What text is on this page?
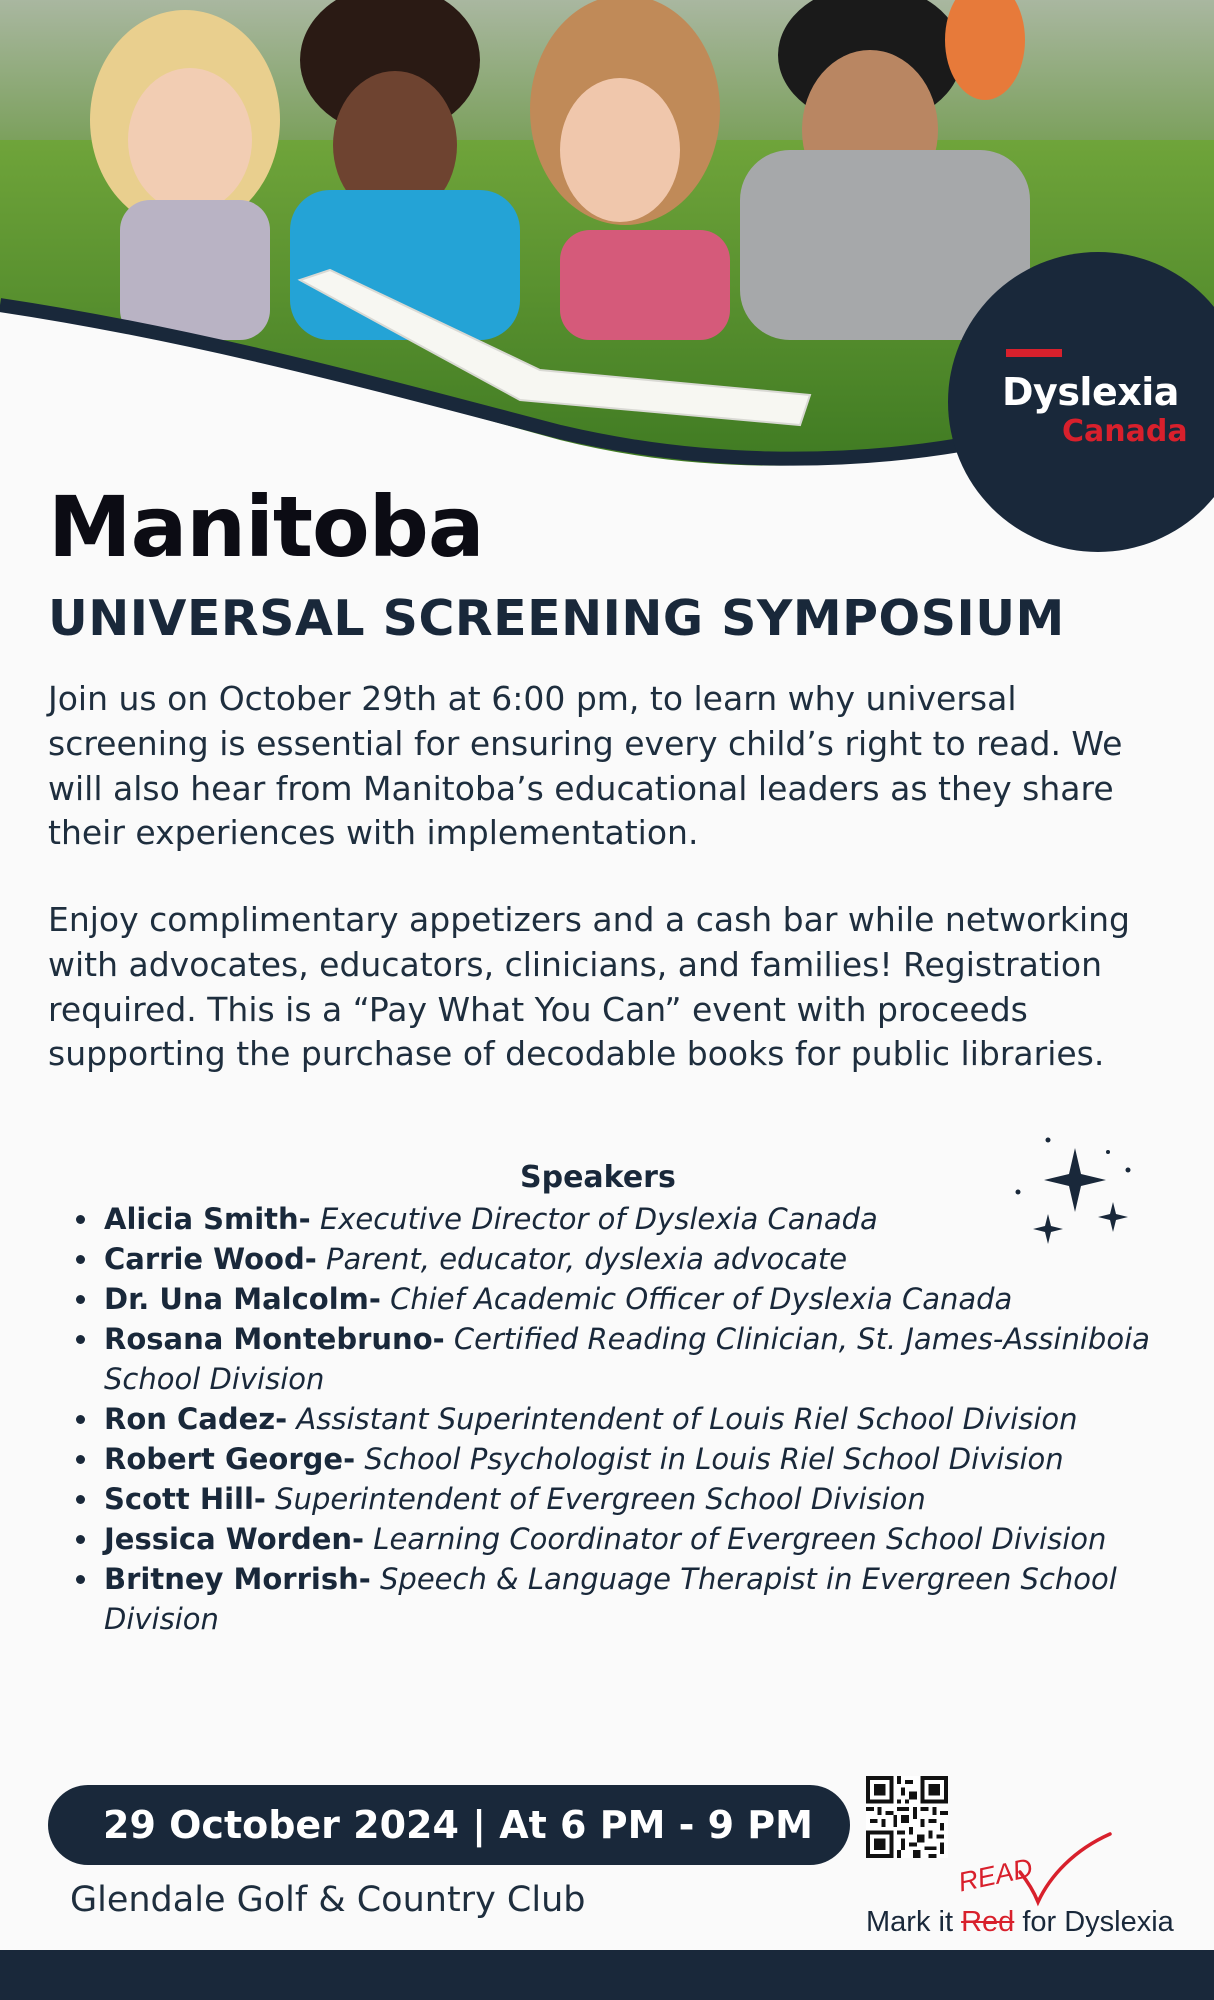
Dyslexia
Canada
Manitoba
UNIVERSAL SCREENING SYMPOSIUM

Join us on October 29th at 6:00 pm, to learn why universal screening is essential for ensuring every child’s right to read. We will also hear from Manitoba’s educational leaders as they share their experiences with implementation.

Enjoy complimentary appetizers and a cash bar while networking with advocates, educators, clinicians, and families! Registration required. This is a “Pay What You Can” event with proceeds supporting the purchase of decodable books for public libraries.

Speakers
Alicia Smith- Executive Director of Dyslexia Canada
Carrie Wood- Parent, educator, dyslexia advocate
Dr. Una Malcolm- Chief Academic Officer of Dyslexia Canada
Rosana Montebruno- Certified Reading Clinician, St. James-Assiniboia School Division
Ron Cadez- Assistant Superintendent of Louis Riel School Division
Robert George- School Psychologist in Louis Riel School Division
Scott Hill- Superintendent of Evergreen School Division
Jessica Worden- Learning Coordinator of Evergreen School Division
Britney Morrish- Speech & Language Therapist in Evergreen School Division
29 October 2024 | At 6 PM - 9 PM
Glendale Golf & Country Club
READ
Mark it Red for Dyslexia
